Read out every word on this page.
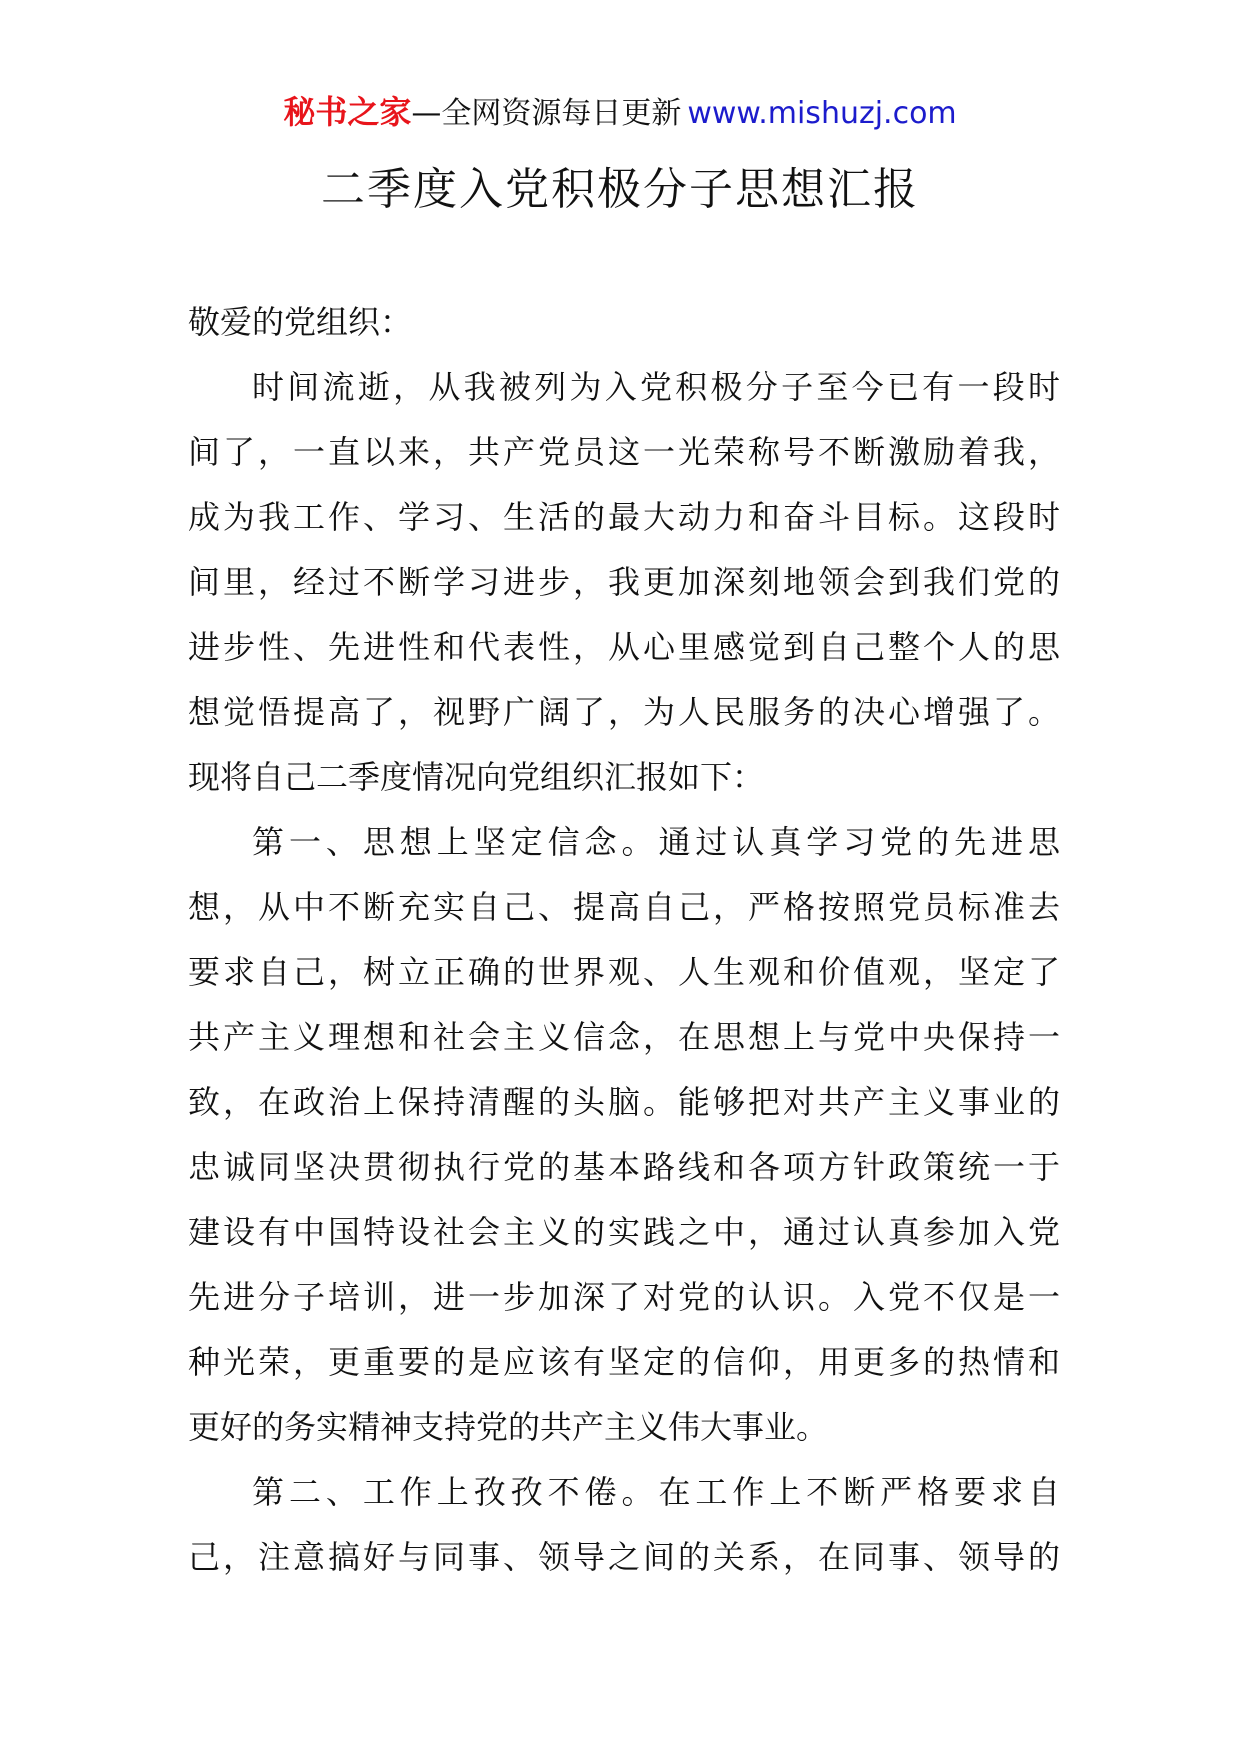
秘书之家—全网资源每日更新 www.mishuzj.com
二季度入党积极分子思想汇报
敬爱的党组织：
时间流逝，从我被列为入党积极分子至今已有一段时
间了，一直以来，共产党员这一光荣称号不断激励着我，
成为我工作、学习、生活的最大动力和奋斗目标。这段时
间里，经过不断学习进步，我更加深刻地领会到我们党的
进步性、先进性和代表性，从心里感觉到自己整个人的思
想觉悟提高了，视野广阔了，为人民服务的决心增强了。
现将自己二季度情况向党组织汇报如下：
第一、思想上坚定信念。通过认真学习党的先进思
想，从中不断充实自己、提高自己，严格按照党员标准去
要求自己，树立正确的世界观、人生观和价值观，坚定了
共产主义理想和社会主义信念，在思想上与党中央保持一
致，在政治上保持清醒的头脑。能够把对共产主义事业的
忠诚同坚决贯彻执行党的基本路线和各项方针政策统一于
建设有中国特设社会主义的实践之中，通过认真参加入党
先进分子培训，进一步加深了对党的认识。入党不仅是一
种光荣，更重要的是应该有坚定的信仰，用更多的热情和
更好的务实精神支持党的共产主义伟大事业。
第二、工作上孜孜不倦。在工作上不断严格要求自
己，注意搞好与同事、领导之间的关系，在同事、领导的
